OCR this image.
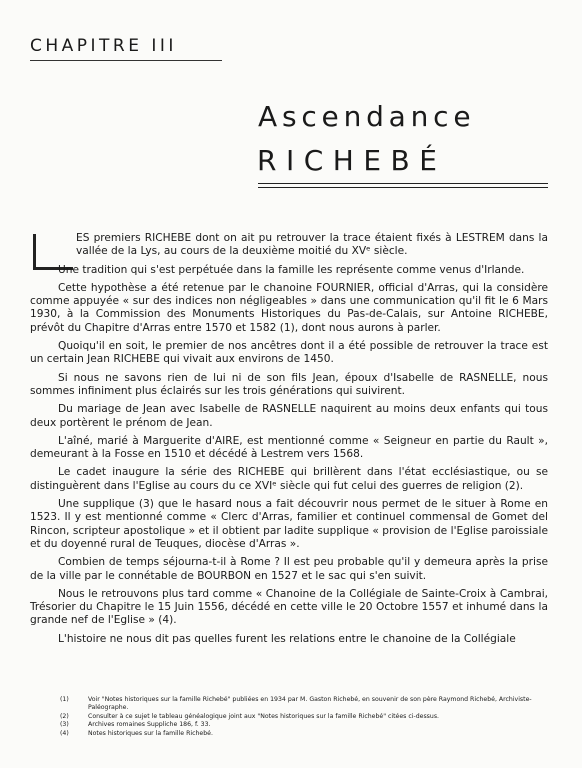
CHAPITRE III
Ascendance
RICHEBÉ

ES premiers RICHEBE dont on ait pu retrouver la trace étaient fixés à LESTREM dans la vallée de la Lys, au cours de la deuxième moitié du XVᵉ siècle.

Une tradition qui s'est perpétuée dans la famille les représente comme venus d'Irlande.

Cette hypothèse a été retenue par le chanoine FOURNIER, official d'Arras, qui la considère comme appuyée « sur des indices non négligeables » dans une communication qu'il fit le 6 Mars 1930, à la Commission des Monuments Historiques du Pas-de-Calais, sur Antoine RICHEBE, prévôt du Chapitre d'Arras entre 1570 et 1582 (1), dont nous aurons à parler.

Quoiqu'il en soit, le premier de nos ancêtres dont il a été possible de retrouver la trace est un certain Jean RICHEBE qui vivait aux environs de 1450.

Si nous ne savons rien de lui ni de son fils Jean, époux d'Isabelle de RASNELLE, nous sommes infiniment plus éclairés sur les trois générations qui suivirent.

Du mariage de Jean avec Isabelle de RASNELLE naquirent au moins deux enfants qui tous deux portèrent le prénom de Jean.

L'aîné, marié à Marguerite d'AIRE, est mentionné comme « Seigneur en partie du Rault », demeurant à la Fosse en 1510 et décédé à Lestrem vers 1568.

Le cadet inaugure la série des RICHEBE qui brillèrent dans l'état ecclésiastique, ou se distinguèrent dans l'Eglise au cours du ce XVIᵉ siècle qui fut celui des guerres de religion (2).

Une supplique (3) que le hasard nous a fait découvrir nous permet de le situer à Rome en 1523. Il y est mentionné comme « Clerc d'Arras, familier et continuel commensal de Gomet del Rincon, scripteur apostolique » et il obtient par ladite supplique « provision de l'Eglise paroissiale et du doyenné rural de Teuques, diocèse d'Arras ».

Combien de temps séjourna-t-il à Rome ? Il est peu probable qu'il y demeura après la prise de la ville par le connétable de BOURBON en 1527 et le sac qui s'en suivit.

Nous le retrouvons plus tard comme « Chanoine de la Collégiale de Sainte-Croix à Cambrai, Trésorier du Chapitre le 15 Juin 1556, décédé en cette ville le 20 Octobre 1557 et inhumé dans la grande nef de l'Eglise » (4).

L'histoire ne nous dit pas quelles furent les relations entre le chanoine de la Collégiale

(1)	Voir "Notes historiques sur la famille Richebé" publiées en 1934 par M. Gaston Richebé, en souvenir de son père Raymond Richebé, Archiviste-Paléographe.
(2)	Consulter à ce sujet le tableau généalogique joint aux "Notes historiques sur la famille Richebé" citées ci-dessus.
(3)	Archives romaines Suppliche 186, f. 33.
(4)	Notes historiques sur la famille Richebé.
